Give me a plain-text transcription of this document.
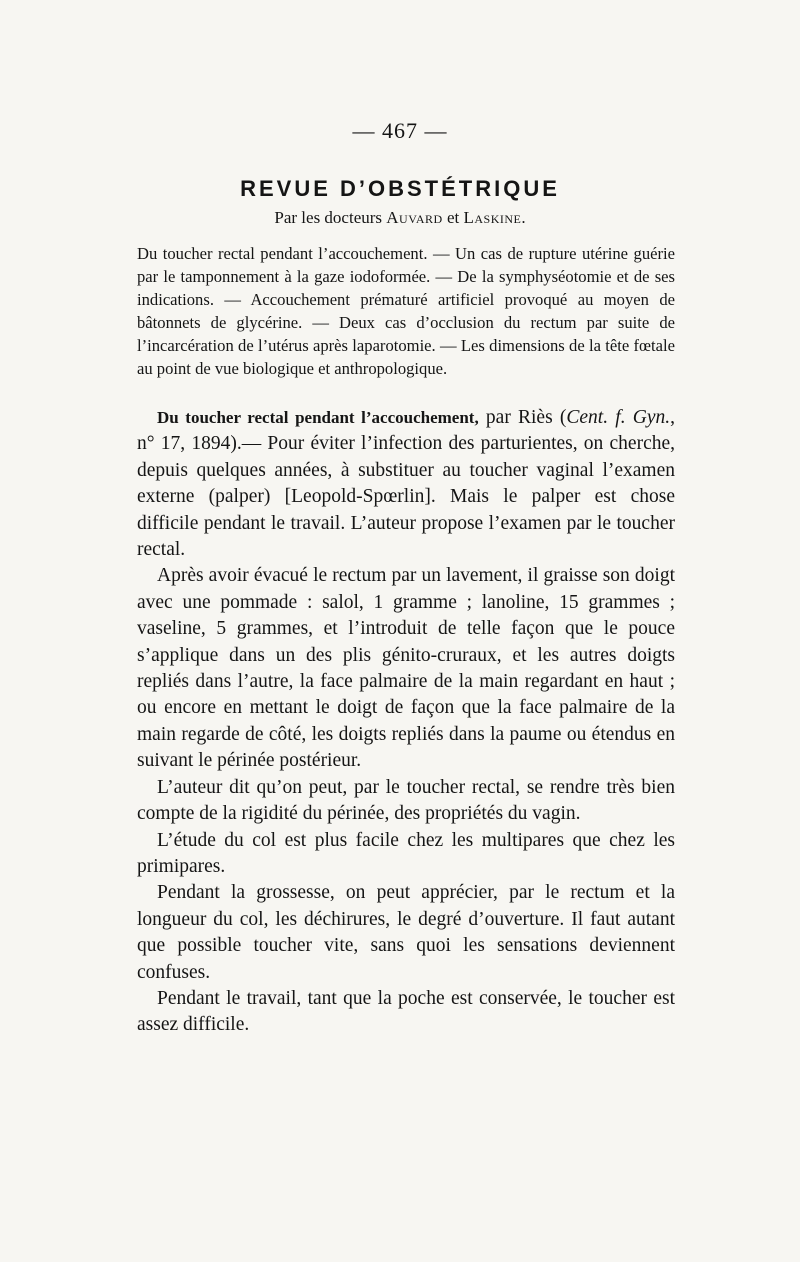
— 467 —
REVUE D’OBSTÉTRIQUE
Par les docteurs Auvard et Laskine.
Du toucher rectal pendant l’accouchement. — Un cas de rupture utérine guérie par le tamponnement à la gaze iodoformée. — De la symphyséotomie et de ses indications. — Accouchement prématuré artificiel provoqué au moyen de bâtonnets de glycérine. — Deux cas d’occlusion du rectum par suite de l’incarcération de l’utérus après laparotomie. — Les dimensions de la tête fœtale au point de vue biologique et anthropologique.

Du toucher rectal pendant l’accouchement, par Riès (Cent. f. Gyn., n° 17, 1894).— Pour éviter l’infection des parturientes, on cherche, depuis quelques années, à substituer au toucher vaginal l’examen externe (palper) [Leopold-Spœrlin]. Mais le palper est chose difficile pendant le travail. L’auteur propose l’examen par le toucher rectal.

Après avoir évacué le rectum par un lavement, il graisse son doigt avec une pommade : salol, 1 gramme ; lanoline, 15 grammes ; vaseline, 5 grammes, et l’introduit de telle façon que le pouce s’applique dans un des plis génito-cruraux, et les autres doigts repliés dans l’autre, la face palmaire de la main regardant en haut ; ou encore en mettant le doigt de façon que la face palmaire de la main regarde de côté, les doigts repliés dans la paume ou étendus en suivant le périnée postérieur.

L’auteur dit qu’on peut, par le toucher rectal, se rendre très bien compte de la rigidité du périnée, des propriétés du vagin.

L’étude du col est plus facile chez les multipares que chez les primipares.

Pendant la grossesse, on peut apprécier, par le rectum et la longueur du col, les déchirures, le degré d’ouverture. Il faut autant que possible toucher vite, sans quoi les sensations deviennent confuses.

Pendant le travail, tant que la poche est conservée, le toucher est assez difficile.
